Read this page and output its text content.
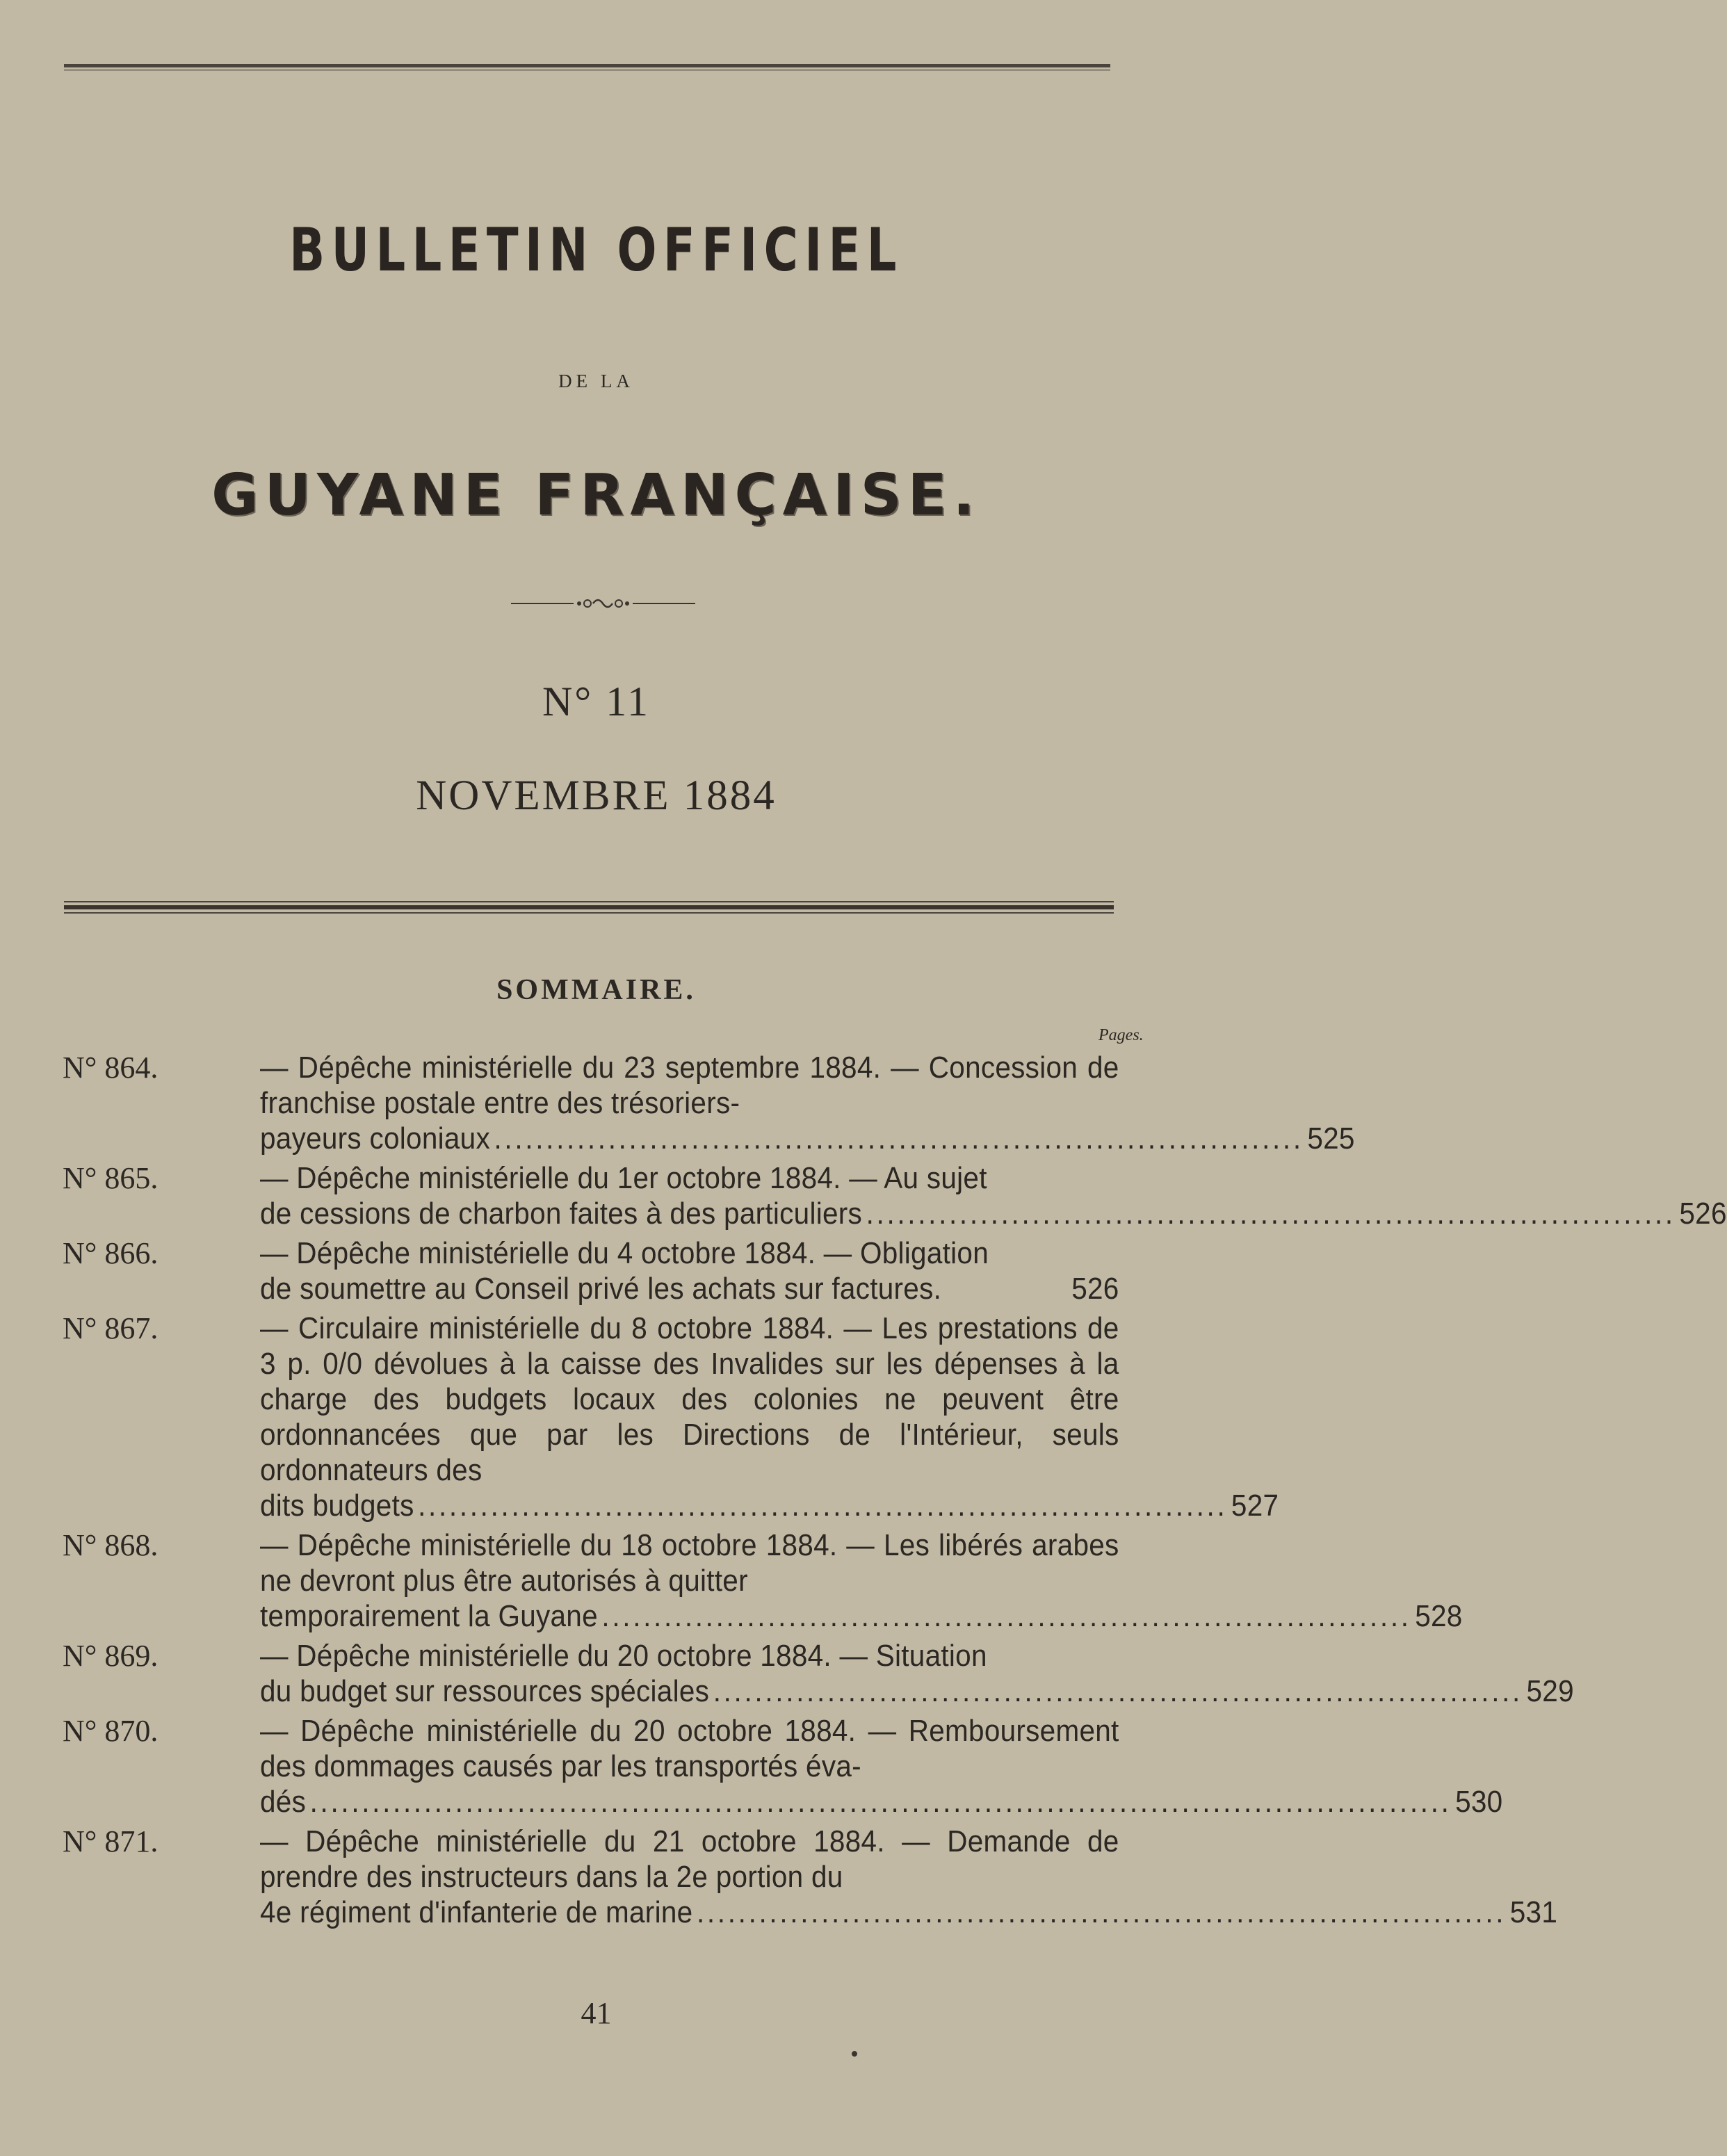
BULLETIN OFFICIEL
DE LA
GUYANE FRANÇAISE.
N° 11
NOVEMBRE 1884
SOMMAIRE.
Pages.
N° 864.	— Dépêche ministérielle du 23 septembre 1884. — Concession de franchise postale entre des trésoriers-
payeurs coloniaux .............................................................................. 525
N° 865.	— Dépêche ministérielle du 1er octobre 1884. — Au sujet
de cessions de charbon faites à des particuliers .............................................................................. 526
N° 866.	— Dépêche ministérielle du 4 octobre 1884. — Obligation
de soumettre au Conseil privé les achats sur factures.	526
N° 867.	— Circulaire ministérielle du 8 octobre 1884. — Les prestations de 3 p. 0/0 dévolues à la caisse des Invalides sur les dépenses à la charge des budgets locaux des colonies ne peuvent être ordonnancées que par les Directions de l'Intérieur, seuls ordonnateurs des
dits budgets .............................................................................. 527
N° 868.	— Dépêche ministérielle du 18 octobre 1884. — Les libérés arabes ne devront plus être autorisés à quitter
temporairement la Guyane .............................................................................. 528
N° 869.	— Dépêche ministérielle du 20 octobre 1884. — Situation
du budget sur ressources spéciales .............................................................................. 529
N° 870.	— Dépêche ministérielle du 20 octobre 1884. — Remboursement des dommages causés par les transportés éva-
dés .............................................................................................................. 530
N° 871.	— Dépêche ministérielle du 21 octobre 1884. — Demande de prendre des instructeurs dans la 2e portion du
4e régiment d'infanterie de marine .............................................................................. 531
41
